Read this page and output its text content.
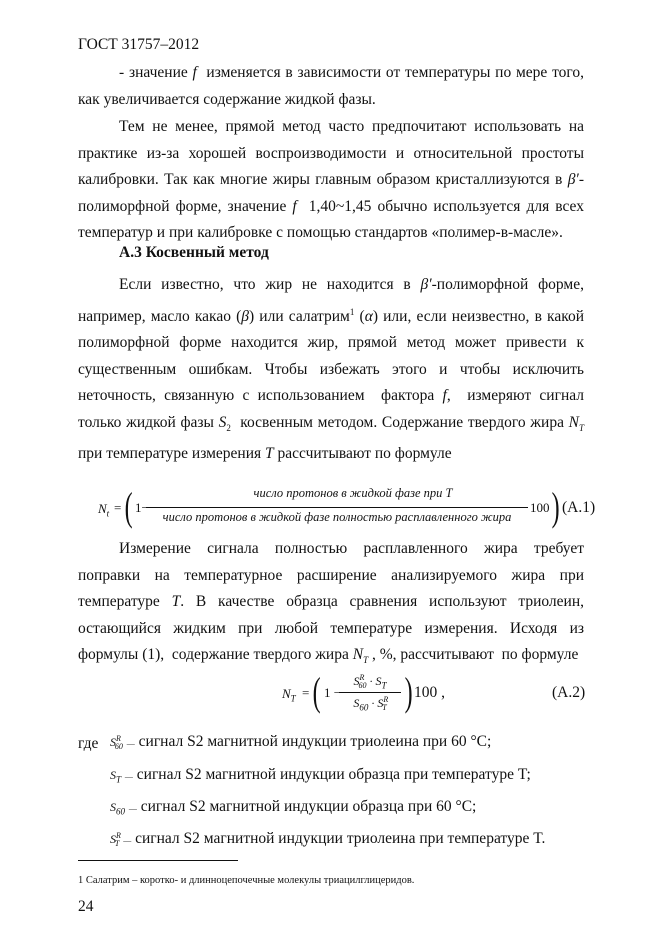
ГОСТ 31757–2012

- значение f  изменяется в зависимости от температуры по мере того, как увеличивается содержание жидкой фазы.

Тем не менее, прямой метод часто предпочитают использовать на практике из-за хорошей воспроизводимости и относительной простоты калибровки. Так как многие жиры главным образом кристаллизуются в β′- полиморфной форме, значение f  1,40~1,45 обычно используется для всех температур и при калибровке с помощью стандартов «полимер-в-масле».

А.3 Косвенный метод

Если известно, что жир не находится в β′-полиморфной форме, например, масло какао (β) или салатрим$^1$ (α) или, если неизвестно, в какой полиморфной форме находится жир, прямой метод может привести к существенным ошибкам. Чтобы избежать этого и чтобы исключить неточность, связанную с использованием  фактора f,  измеряют сигнал только жидкой фазы $S_2$  косвенным методом. Содержание твердого жира $N_T$ при температуре измерения T рассчитывают по формуле

$N_t$ = ( 1−
число протонов в жидкой фазе при T
число протонов в жидкой фазе полностью расплавленного жира
100 ) (А.1)

Измерение сигнала полностью расплавленного жира требует поправки на температурное расширение анализируемого жира при температуре T. В качестве образца сравнения используют триолеин, остающийся жидким при любой температуре измерения. Исходя из формулы (1),  содержание твердого жира $N_T$ , %, рассчитывают  по формуле

$N_T$ = ( 1 −
$S^R_{60} \cdot S_T$
$S_{60} \cdot S^R_T$ ) 100 ,	(А.2)
где $S^R_{60}$ — сигнал S2 магнитной индукции триолеина при 60 °С;
$S_T$ — сигнал S2 магнитной индукции образца при температуре T;
$S_{60}$ — сигнал S2 магнитной индукции образца при 60 °С;
$S^R_T$ — сигнал S2 магнитной индукции триолеина при температуре T.
1 Салатрим – коротко- и длинноцепочечные молекулы триацилглицеридов.
24
